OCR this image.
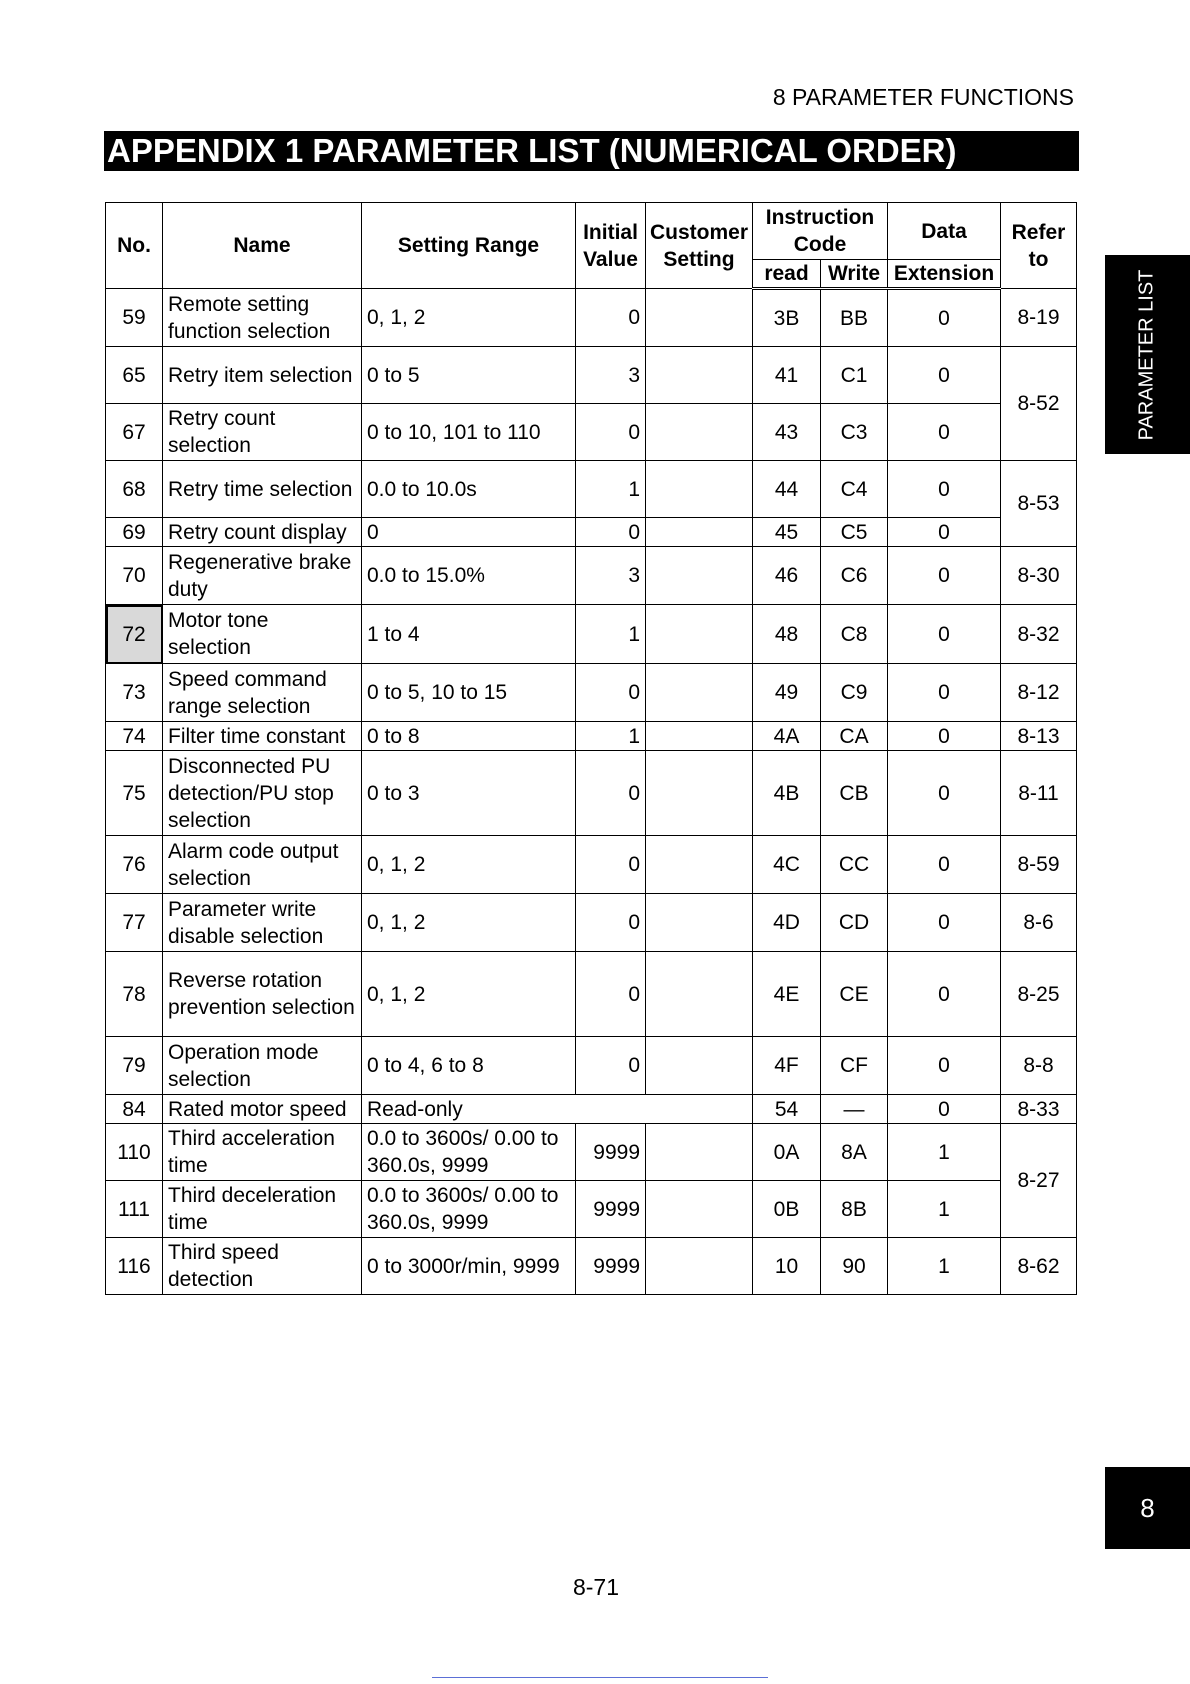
8 PARAMETER FUNCTIONS
APPENDIX 1 PARAMETER LIST (NUMERICAL ORDER)
No.	Name	Setting Range	Initial Value	Customer Setting	Instruction Code		Data	Refer to
					read	Write	Extension	
59	Remote setting function selection	0, 1, 2	0		3B	BB	0	8-19
65	Retry item selection	0 to 5	3		41	C1	0	8-52
67	Retry count selection	0 to 10, 101 to 110	0		43	C3	0	
68	Retry time selection	0.0 to 10.0s	1		44	C4	0	8-53
69	Retry count display	0	0		45	C5	0	
70	Regenerative brake duty	0.0 to 15.0%	3		46	C6	0	8-30
72	Motor tone selection	1 to 4	1		48	C8	0	8-32
73	Speed command range selection	0 to 5, 10 to 15	0		49	C9	0	8-12
74	Filter time constant	0 to 8	1		4A	CA	0	8-13
75	Disconnected PU detection/PU stop selection	0 to 3	0		4B	CB	0	8-11
76	Alarm code output selection	0, 1, 2	0		4C	CC	0	8-59
77	Parameter write disable selection	0, 1, 2	0		4D	CD	0	8-6
78	Reverse rotation prevention selection	0, 1, 2	0		4E	CE	0	8-25
79	Operation mode selection	0 to 4, 6 to 8	0		4F	CF	0	8-8
84	Rated motor speed	Read-only			54	—	0	8-33
110	Third acceleration time	0.0 to 3600s/ 0.00 to 360.0s, 9999	9999		0A	8A	1	8-27
111	Third deceleration time	0.0 to 3600s/ 0.00 to 360.0s, 9999	9999		0B	8B	1	
116	Third speed detection	0 to 3000r/min, 9999	9999		10	90	1	8-62
PARAMETER LIST
8
8-71
